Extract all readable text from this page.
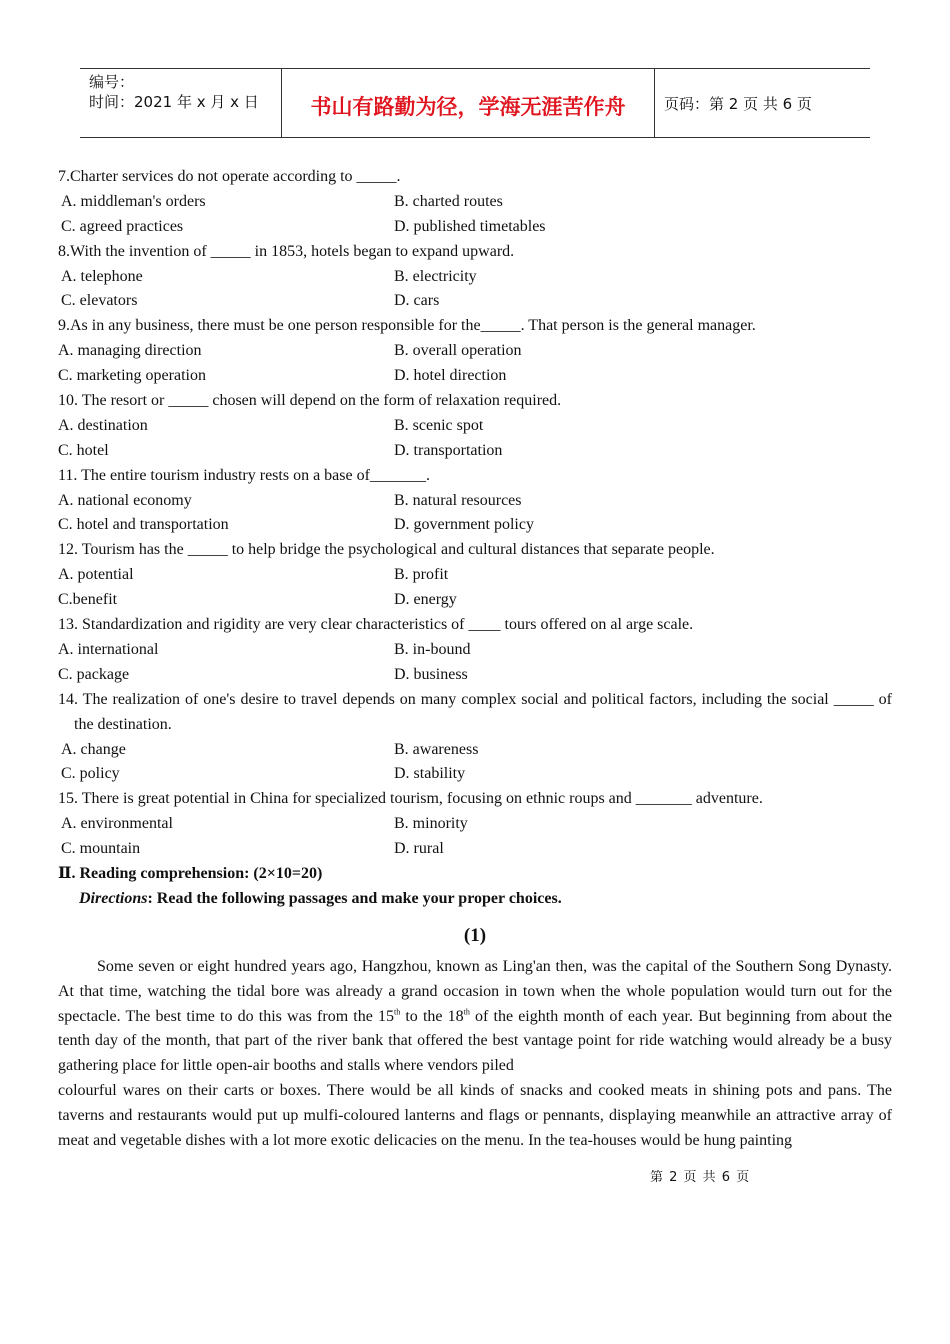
编号：
时间：2021 年 x 月 x 日	书山有路勤为径，学海无涯苦作舟	页码：第 2 页 共 6 页
7.Charter services do not operate according to _____.
A. middleman's orders	B. charted routes
C. agreed practices	D. published timetables
8.With the invention of _____ in 1853, hotels began to expand upward.
A. telephone	B. electricity
C. elevators	D. cars
9.As in any business, there must be one person responsible for the_____. That person is the general manager.
A. managing direction	B. overall operation
C. marketing operation	D. hotel direction
10. The resort or _____ chosen will depend on the form of relaxation required.
A. destination	B. scenic spot
C. hotel	D. transportation
11. The entire tourism industry rests on a base of_______.
A. national economy	B. natural resources
C. hotel and transportation	D. government policy
12. Tourism has the _____ to help bridge the psychological and cultural distances that separate people.
A. potential	B. profit
C.benefit	D. energy
13. Standardization and rigidity are very clear characteristics of ____ tours offered on al arge scale.
A. international	B. in-bound
C. package	D. business
14. The realization of one's desire to travel depends on many complex social and political factors, including the social _____ of the destination.
A. change	B. awareness
C. policy	D. stability
15. There is great potential in China for specialized tourism, focusing on ethnic roups and _______ adventure.
A. environmental	B. minority
C. mountain	D. rural
Ⅱ. Reading comprehension: (2×10=20)
Directions: Read the following passages and make your proper choices.
(1)
Some seven or eight hundred years ago, Hangzhou, known as Ling'an then, was the capital of the Southern Song Dynasty. At that time, watching the tidal bore was already a grand occasion in town when the whole population would turn out for the spectacle. The best time to do this was from the 15th to the 18th of the eighth month of each year. But beginning from about the tenth day of the month, that part of the river bank that offered the best vantage point for ride watching would already be a busy gathering place for little open-air booths and stalls where vendors piled
colourful wares on their carts or boxes. There would be all kinds of snacks and cooked meats in shining pots and pans. The taverns and restaurants would put up mulfi-coloured lanterns and flags or pennants, displaying meanwhile an attractive array of meat and vegetable dishes with a lot more exotic delicacies on the menu. In the tea-houses would be hung painting
第 2 页 共 6 页
